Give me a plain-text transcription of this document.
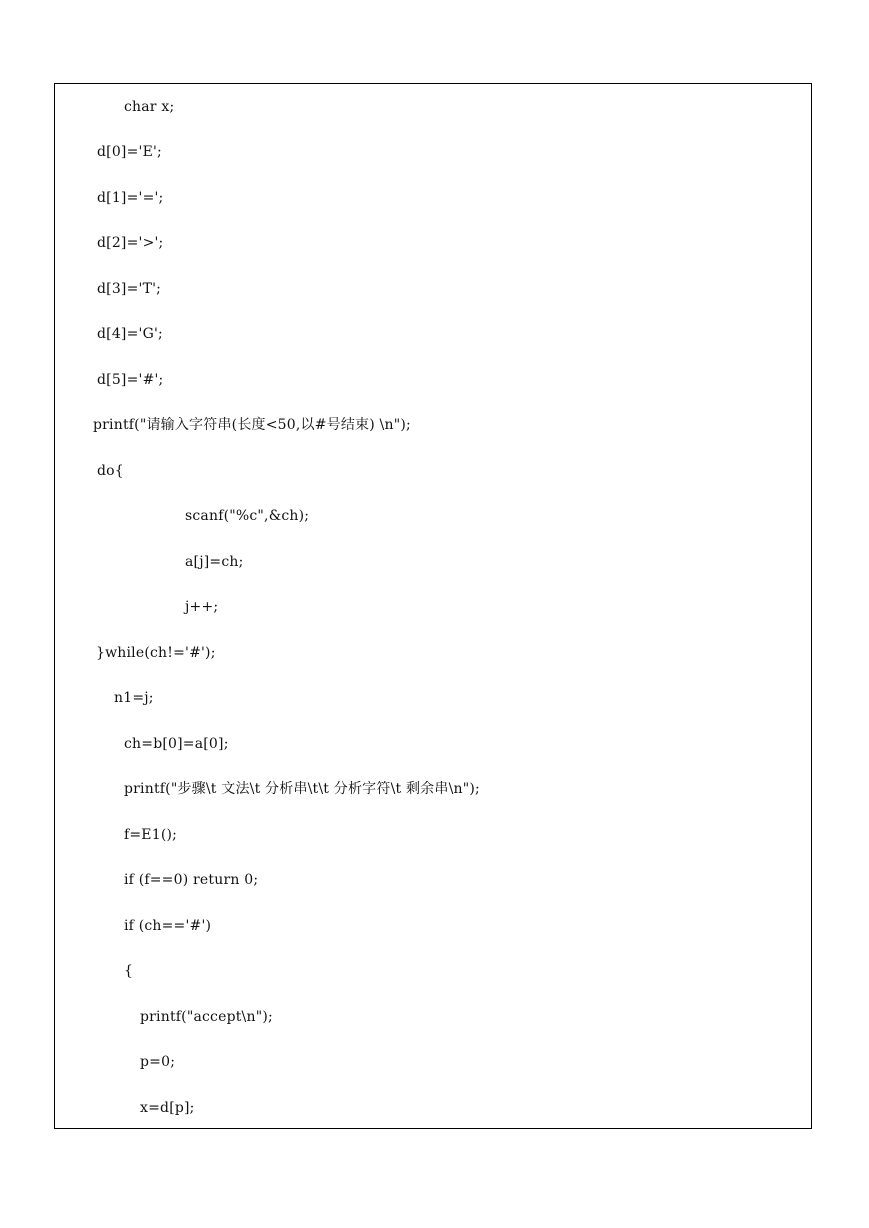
char x;
d[0]='E';
d[1]='=';
d[2]='>';
d[3]='T';
d[4]='G';
d[5]='#';
printf("请输入字符串(长度<50,以#号结束) \n");
do{
scanf("%c",&ch);
a[j]=ch;
j++;
}while(ch!='#');
n1=j;
ch=b[0]=a[0];
printf("步骤\t 文法\t 分析串\t\t 分析字符\t 剩余串\n");
f=E1();
if (f==0) return 0;
if (ch=='#')
{
printf("accept\n");
p=0;
x=d[p];
